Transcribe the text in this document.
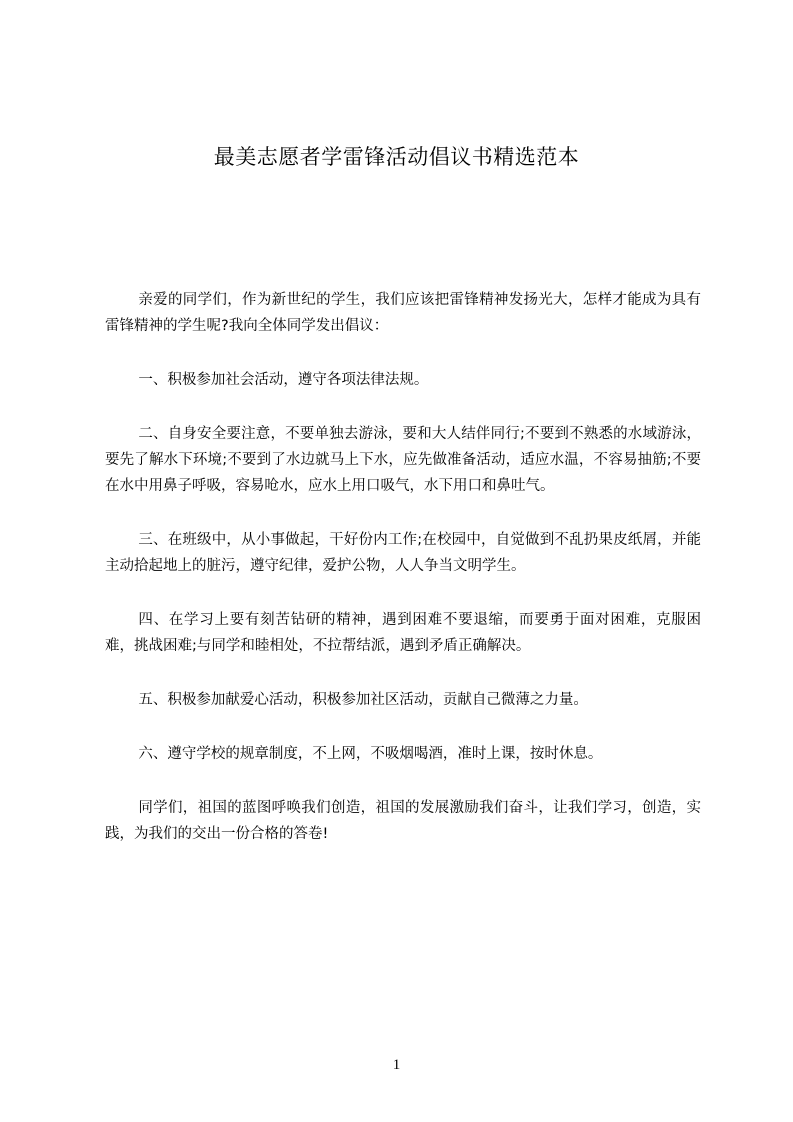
最美志愿者学雷锋活动倡议书精选范本

亲爱的同学们，作为新世纪的学生，我们应该把雷锋精神发扬光大，怎样才能成为具有雷锋精神的学生呢?我向全体同学发出倡议：

一、积极参加社会活动，遵守各项法律法规。

二、自身安全要注意，不要单独去游泳，要和大人结伴同行;不要到不熟悉的水域游泳，要先了解水下环境;不要到了水边就马上下水，应先做准备活动，适应水温，不容易抽筋;不要在水中用鼻子呼吸，容易呛水，应水上用口吸气，水下用口和鼻吐气。

三、在班级中，从小事做起，干好份内工作;在校园中，自觉做到不乱扔果皮纸屑，并能主动拾起地上的脏污，遵守纪律，爱护公物，人人争当文明学生。

四、在学习上要有刻苦钻研的精神，遇到困难不要退缩，而要勇于面对困难，克服困难，挑战困难;与同学和睦相处，不拉帮结派，遇到矛盾正确解决。

五、积极参加献爱心活动，积极参加社区活动，贡献自己微薄之力量。

六、遵守学校的规章制度，不上网，不吸烟喝酒，准时上课，按时休息。

同学们，祖国的蓝图呼唤我们创造，祖国的发展激励我们奋斗，让我们学习，创造，实践，为我们的交出一份合格的答卷!

1
